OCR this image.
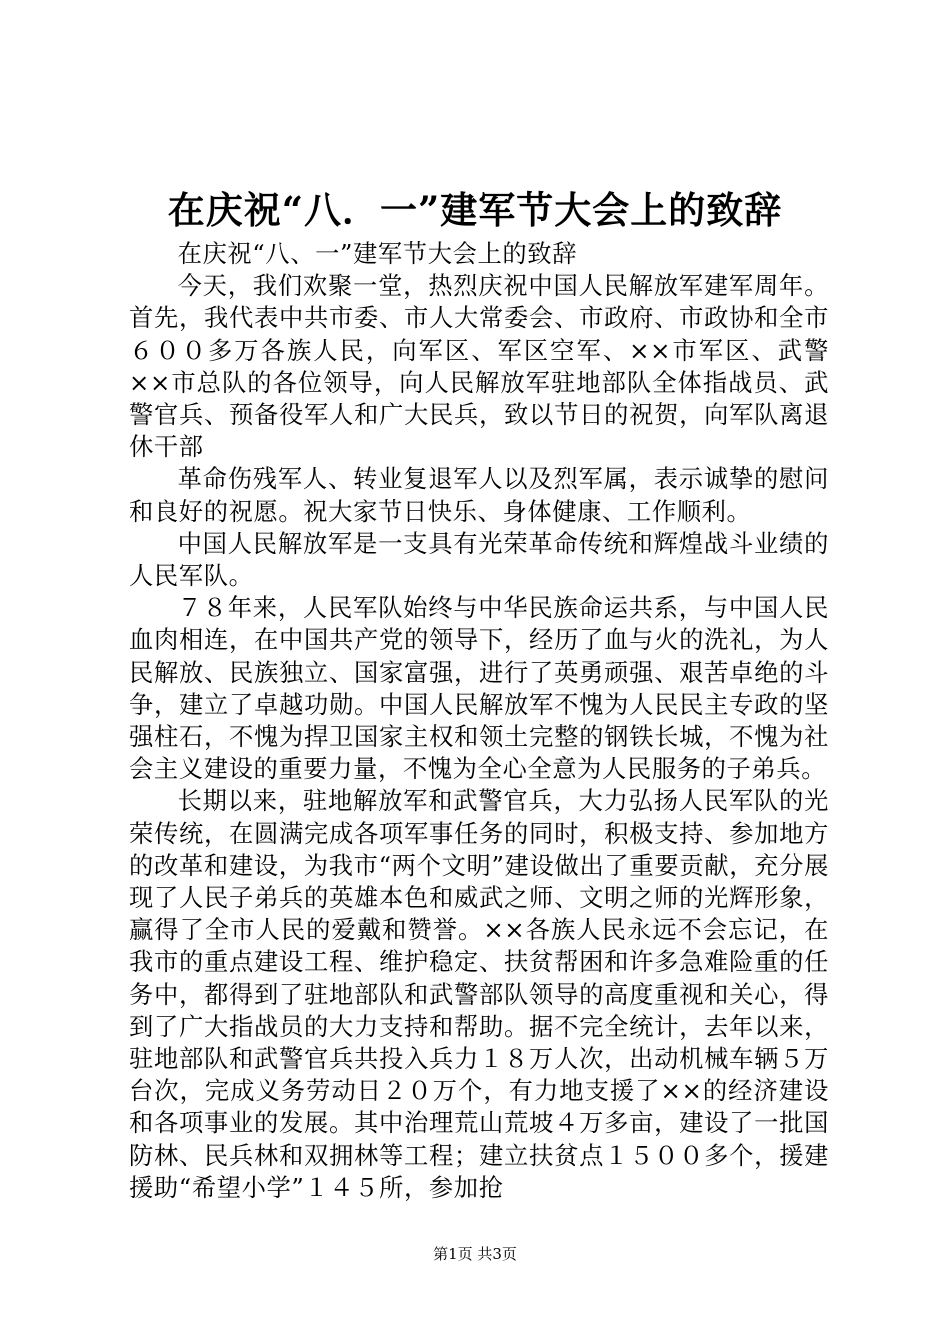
在庆祝“八．一”建军节大会上的致辞

在庆祝“八、一”建军节大会上的致辞

今天，我们欢聚一堂，热烈庆祝中国人民解放军建军周年。首先，我代表中共市委、市人大常委会、市政府、市政协和全市６００多万各族人民，向军区、军区空军、××市军区、武警××市总队的各位领导，向人民解放军驻地部队全体指战员、武警官兵、预备役军人和广大民兵，致以节日的祝贺，向军队离退休干部

革命伤残军人、转业复退军人以及烈军属，表示诚挚的慰问和良好的祝愿。祝大家节日快乐、身体健康、工作顺利。

中国人民解放军是一支具有光荣革命传统和辉煌战斗业绩的人民军队。

７８年来，人民军队始终与中华民族命运共系，与中国人民血肉相连，在中国共产党的领导下，经历了血与火的洗礼，为人民解放、民族独立、国家富强，进行了英勇顽强、艰苦卓绝的斗争，建立了卓越功勋。中国人民解放军不愧为人民民主专政的坚强柱石，不愧为捍卫国家主权和领土完整的钢铁长城，不愧为社会主义建设的重要力量，不愧为全心全意为人民服务的子弟兵。

长期以来，驻地解放军和武警官兵，大力弘扬人民军队的光荣传统，在圆满完成各项军事任务的同时，积极支持、参加地方的改革和建设，为我市“两个文明”建设做出了重要贡献，充分展现了人民子弟兵的英雄本色和威武之师、文明之师的光辉形象，赢得了全市人民的爱戴和赞誉。××各族人民永远不会忘记，在我市的重点建设工程、维护稳定、扶贫帮困和许多急难险重的任务中，都得到了驻地部队和武警部队领导的高度重视和关心，得到了广大指战员的大力支持和帮助。据不完全统计，去年以来，驻地部队和武警官兵共投入兵力１８万人次，出动机械车辆５万台次，完成义务劳动日２０万个，有力地支援了××的经济建设和各项事业的发展。其中治理荒山荒坡４万多亩，建设了一批国防林、民兵林和双拥林等工程；建立扶贫点１５００多个，援建援助“希望小学”１４５所，参加抢

第1页 共3页
